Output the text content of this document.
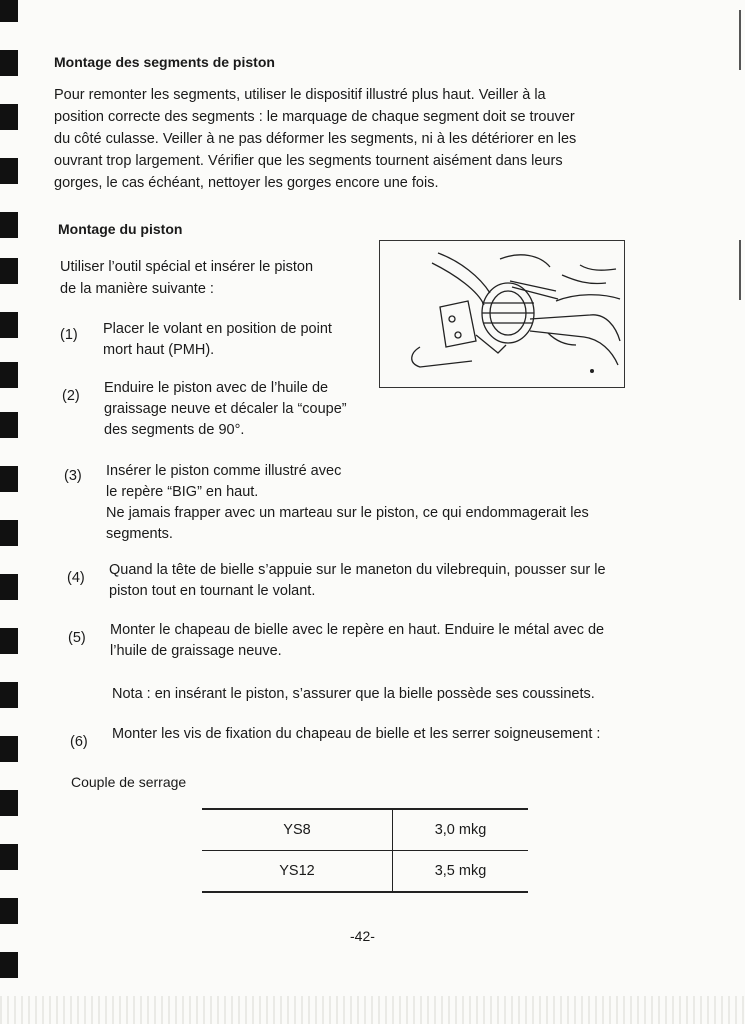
Montage des segments de piston
Pour remonter les segments, utiliser le dispositif illustré plus haut. Veiller à la
position correcte des segments : le marquage de chaque segment doit se trouver
du côté culasse. Veiller à ne pas déformer les segments, ni à les détériorer en les
ouvrant trop largement. Vérifier que les segments tournent aisément dans leurs
gorges, le cas échéant, nettoyer les gorges encore une fois.
Montage du piston
Utiliser l’outil spécial et insérer le piston
de la manière suivante :
(1) Placer le volant en position de point
mort haut (PMH).
(2) Enduire le piston avec de l’huile de
graissage neuve et décaler la “coupe”
des segments de 90°.
(3) Insérer le piston comme illustré avec
le repère “BIG” en haut.
Ne jamais frapper avec un marteau sur le piston, ce qui endommagerait les
segments.
(4) Quand la tête de bielle s’appuie sur le maneton du vilebrequin, pousser sur le
piston tout en tournant le volant.
(5) Monter le chapeau de bielle avec le repère en haut. Enduire le métal avec de
l’huile de graissage neuve.
Nota : en insérant le piston, s’assurer que la bielle possède ses coussinets.
(6) Monter les vis de fixation du chapeau de bielle et les serrer soigneusement :
Couple de serrage
YS8	3,0 mkg
YS12	3,5 mkg
-42-
